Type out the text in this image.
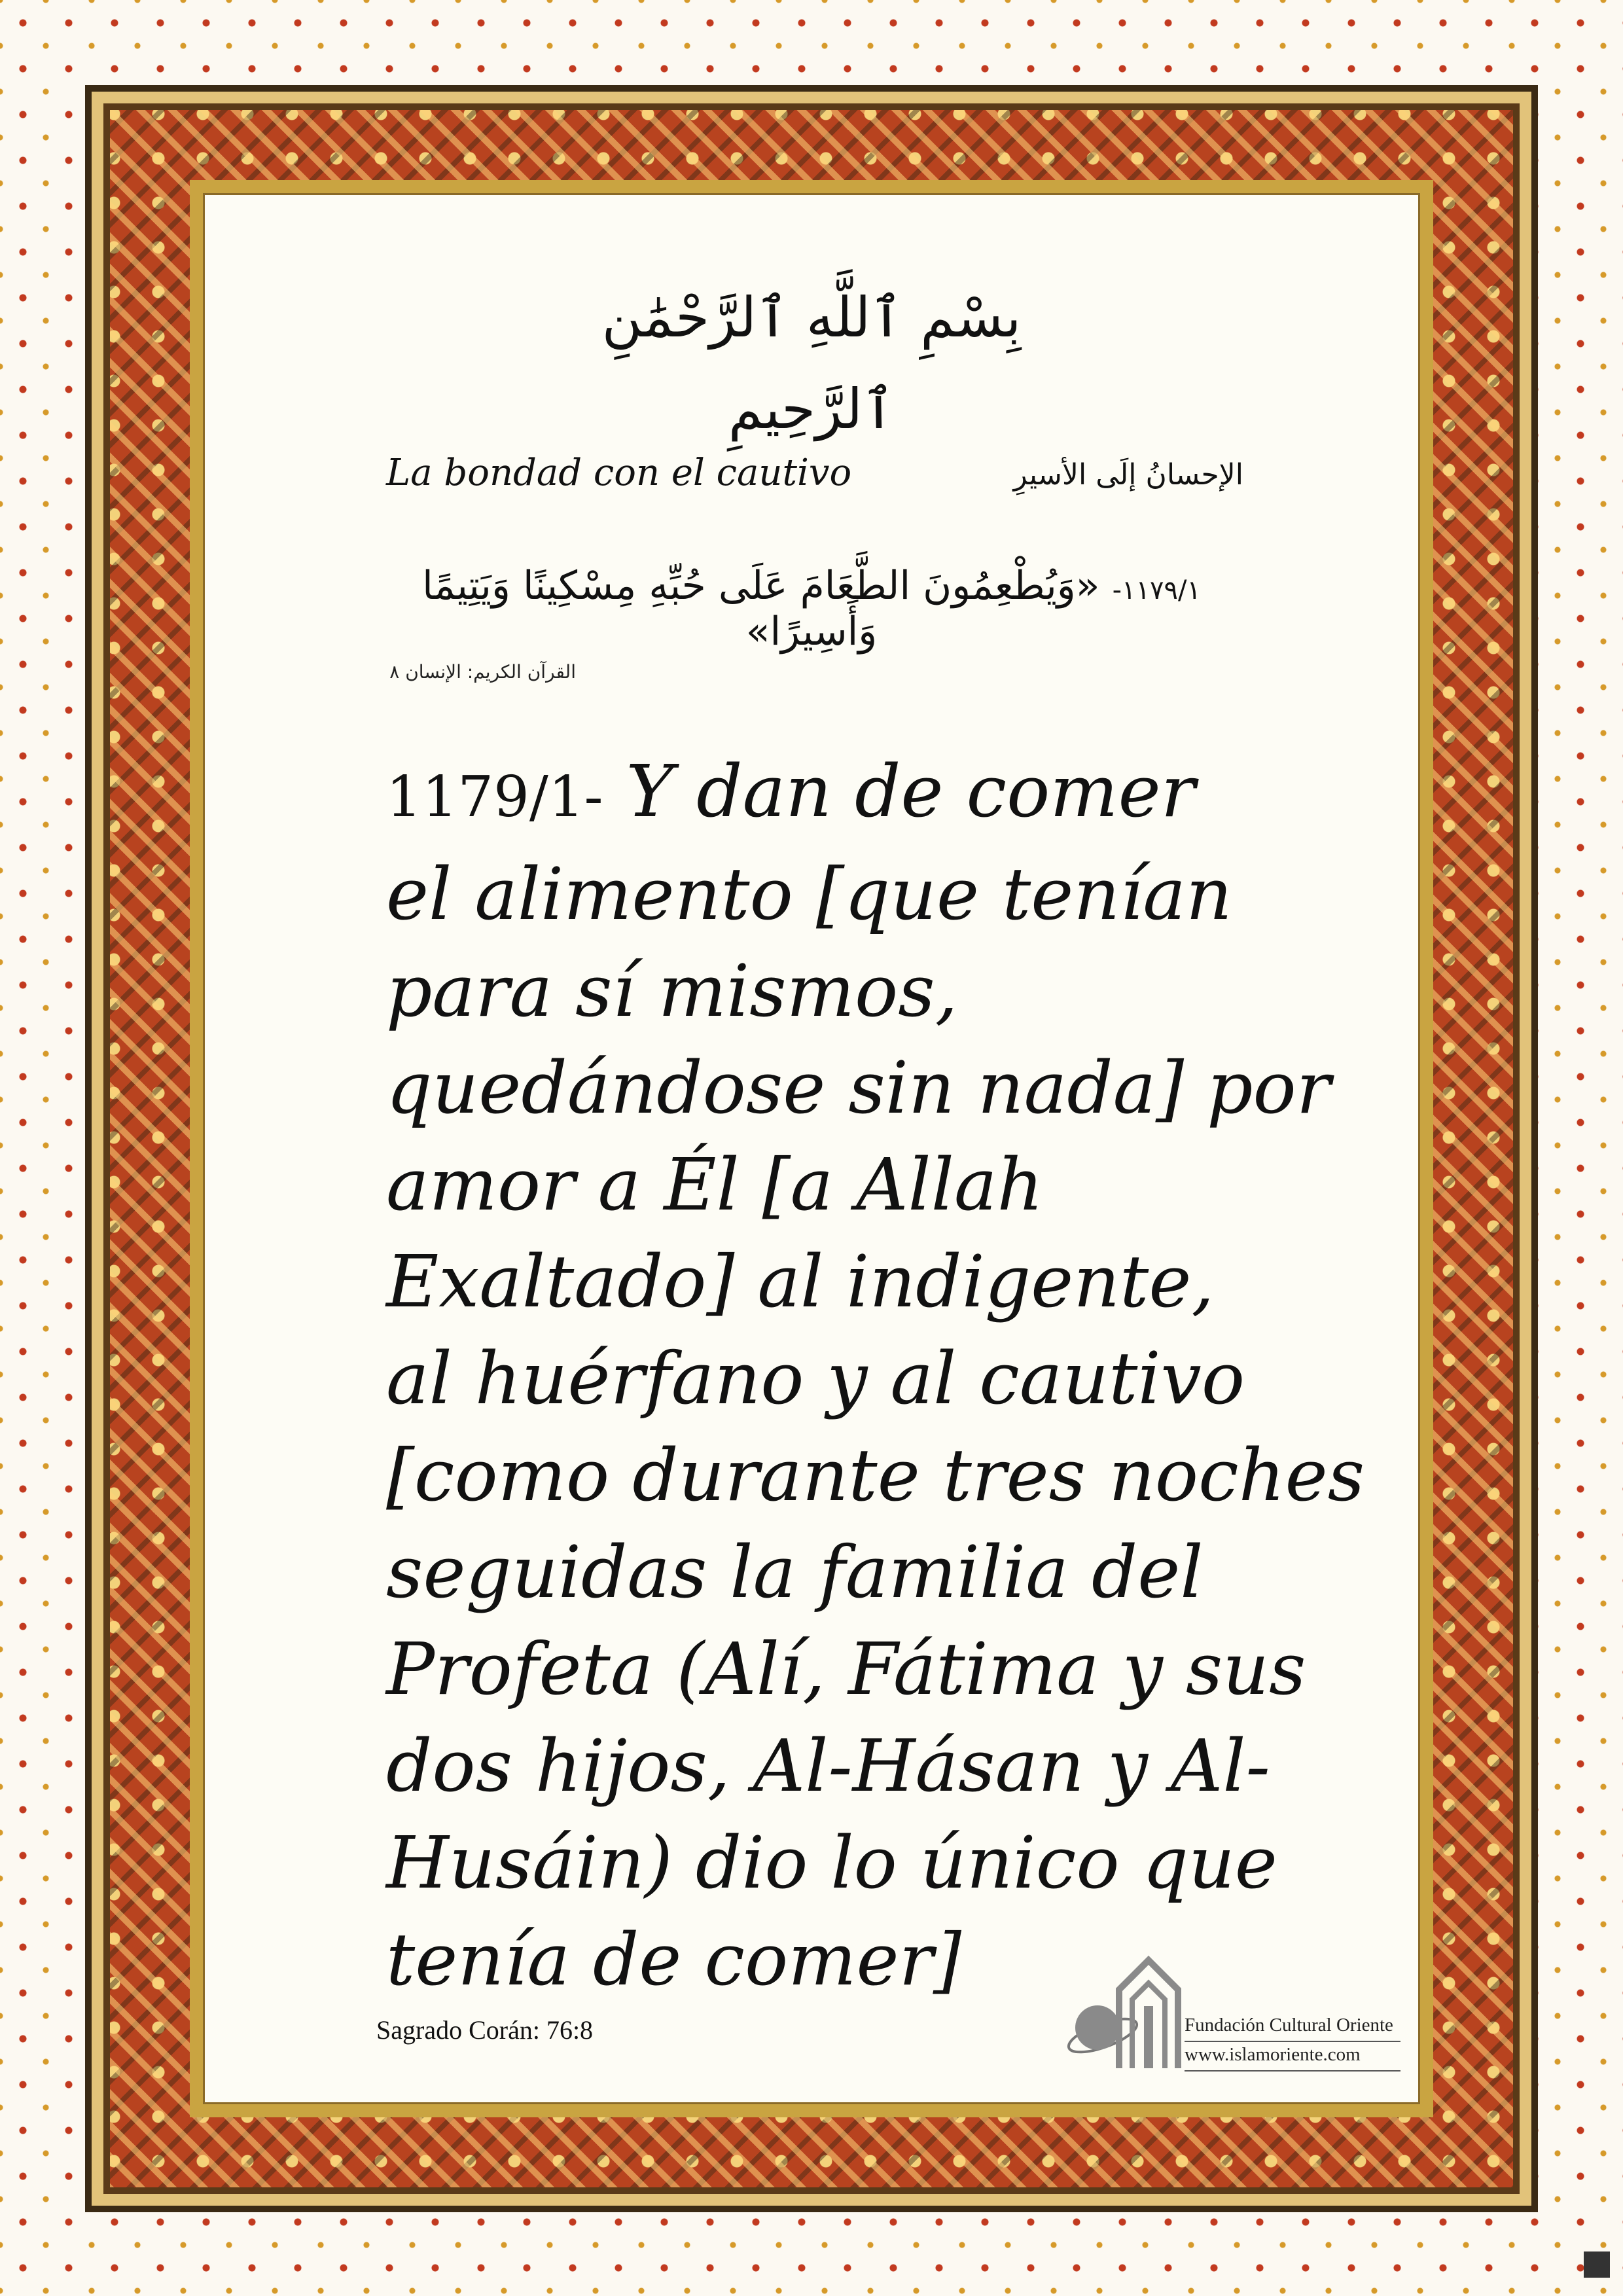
بِسْمِ ٱللَّهِ ٱلرَّحْمَٰنِ ٱلرَّحِيمِ
La bondad con el cautivo	الإحسانُ إلَى الأسيرِ
١١٧٩/١- «وَيُطْعِمُونَ الطَّعَامَ عَلَى حُبِّهِ مِسْكِينًا وَيَتِيمًا وَأَسِيرًا»
القرآن الكريم: الإنسان ٨
1179/1- Y dan de comer
el alimento [que tenían
para sí mismos,
quedándose sin nada] por
amor a Él [a Allah
Exaltado] al indigente,
al huérfano y al cautivo
[como durante tres noches
seguidas la familia del
Profeta (Alí, Fátima y sus
dos hijos, Al-Hásan y Al-
Husáin) dio lo único que
tenía de comer]
Sagrado Corán: 76:8	Fundación Cultural Oriente
www.islamoriente.com
